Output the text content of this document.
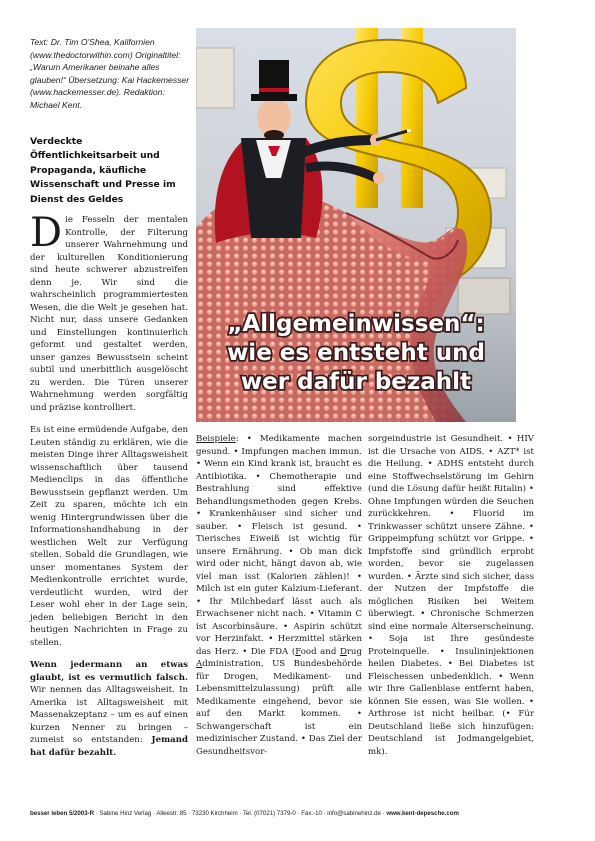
Text: Dr. Tim O'Shea, Kalifornien (www.thedoctorwithin.com) Originaltitel: „Warum Amerikaner beinahe alles glauben!“ Übersetzung: Kai Hackemesser (www.hackemesser.de). Redaktion: Michael Kent.
Verdeckte Öffentlichkeitsarbeit und Propaganda, käufliche Wissenschaft und Presse im Dienst des Geldes
„Allgemeinwissen“:
wie es entsteht und
wer dafür bezahlt

Die Fesseln der mentalen Kontrolle, der Filterung unserer Wahrnehmung und der kulturellen Konditionierung sind heute schwerer abzustreifen denn je. Wir sind die wahrscheinlich programmiertesten Wesen, die die Welt je gesehen hat. Nicht nur, dass unsere Gedanken und Einstellungen kontinuierlich geformt und gestaltet werden, unser ganzes Bewusstsein scheint subtil und unerbittlich ausgelöscht zu werden. Die Türen unserer Wahrnehmung werden sorgfältig und präzise kontrolliert.

Es ist eine ermüdende Aufgabe, den Leuten ständig zu erklären, wie die meisten Dinge ihrer Alltagsweisheit wissenschaftlich über tausend Medienclips in das öffentliche Bewusstsein gepflanzt werden. Um Zeit zu sparen, möchte ich ein wenig Hintergrundwissen über die Informationshandhabung in der westlichen Welt zur Verfügung stellen. Sobald die Grundlagen, wie unser momentanes System der Medienkontrolle errichtet wurde, verdeutlicht wurden, wird der Leser wohl eher in der Lage sein, jeden beliebigen Bericht in den heutigen Nachrichten in Frage zu stellen.

Wenn jedermann an etwas glaubt, ist es vermutlich falsch. Wir nennen das Alltagsweisheit. In Amerika ist Alltagsweisheit mit Massenakzeptanz – um es auf einen kurzen Nenner zu bringen – zumeist so entstanden: Jemand hat dafür bezahlt.

Beispiele: • Medikamente machen gesund. • Impfungen machen immun. • Wenn ein Kind krank ist, braucht es Antibiotika. • Chemotherapie und Bestrahlung sind effektive Behandlungsmethoden gegen Krebs. • Krankenhäuser sind sicher und sauber. • Fleisch ist gesund. • Tierisches Eiweiß ist wichtig für unsere Ernährung. • Ob man dick wird oder nicht, hängt davon ab, wie viel man isst (Kalorien zählen)! • Milch ist ein guter Kalzium-Lieferant. • Ihr Milchbedarf lässt auch als Erwachsener nicht nach. • Vitamin C ist Ascorbinsäure. • Aspirin schützt vor Herzinfakt. • Herzmittel stärken das Herz. • Die FDA (Food and Drug Administration, US Bundesbehörde für Drogen, Medikament- und Lebensmittelzulassung) prüft alle Medikamente eingehend, bevor sie auf den Markt kommen. • Schwangerschaft ist ein medizinischer Zustand. • Das Ziel der Gesundheitsvor-

sorgeindustrie ist Gesundheit. • HIV ist die Ursache von AIDS. • AZT* ist die Heilung. • ADHS entsteht durch eine Stoffwechselstörung im Gehirn (und die Lösung dafür heißt Ritalin) • Ohne Impfungen würden die Seuchen zurückkehren. • Fluorid im Trinkwasser schützt unsere Zähne. • Grippeimpfung schützt vor Grippe. • Impfstoffe sind gründlich erprobt worden, bevor sie zugelassen wurden. • Ärzte sind sich sicher, dass der Nutzen der Impfstoffe die möglichen Risiken bei Weitem überwiegt. • Chronische Schmerzen sind eine normale Alterserscheinung. • Soja ist Ihre gesündeste Proteinquelle. • Insulininjektionen heilen Diabetes. • Bei Diabetes ist Fleischessen unbedenklich. • Wenn wir Ihre Gallenblase entfernt haben, können Sie essen, was Sie wollen. • Arthrose ist nicht heilbar. (• Für Deutschland ließe sich hinzufügen: Deutschland ist Jodmangelgebiet, mk).

besser leben 5/2003-R · Sabine Hinz Verlag · Alleestr. 85 · 73230 Kirchheim · Tel. (07021) 7379-0 · Fax:-10 · info@sabinehinz.de · www.kent-depesche.com
